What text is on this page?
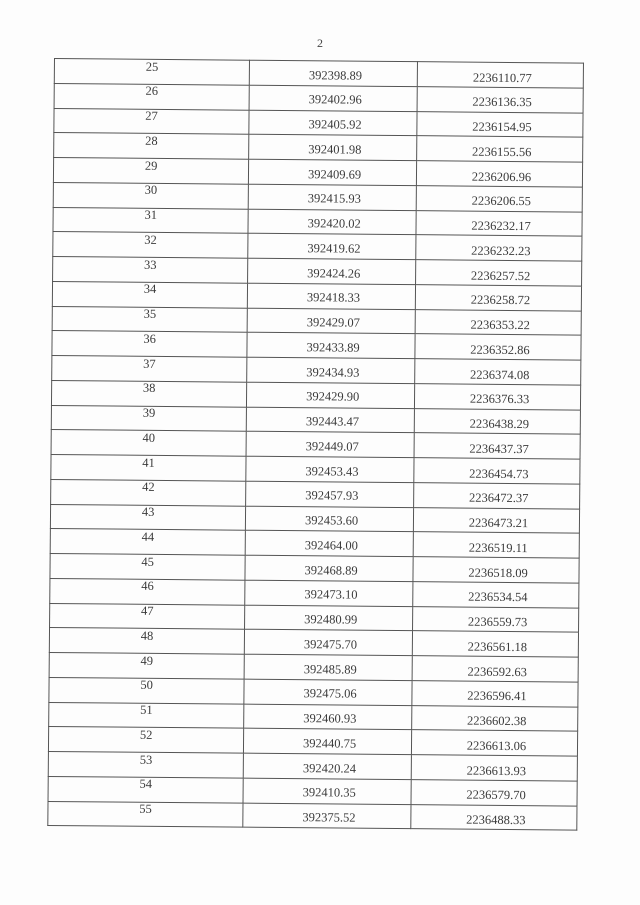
2
25	392398.89	2236110.77
26	392402.96	2236136.35
27	392405.92	2236154.95
28	392401.98	2236155.56
29	392409.69	2236206.96
30	392415.93	2236206.55
31	392420.02	2236232.17
32	392419.62	2236232.23
33	392424.26	2236257.52
34	392418.33	2236258.72
35	392429.07	2236353.22
36	392433.89	2236352.86
37	392434.93	2236374.08
38	392429.90	2236376.33
39	392443.47	2236438.29
40	392449.07	2236437.37
41	392453.43	2236454.73
42	392457.93	2236472.37
43	392453.60	2236473.21
44	392464.00	2236519.11
45	392468.89	2236518.09
46	392473.10	2236534.54
47	392480.99	2236559.73
48	392475.70	2236561.18
49	392485.89	2236592.63
50	392475.06	2236596.41
51	392460.93	2236602.38
52	392440.75	2236613.06
53	392420.24	2236613.93
54	392410.35	2236579.70
55	392375.52	2236488.33
